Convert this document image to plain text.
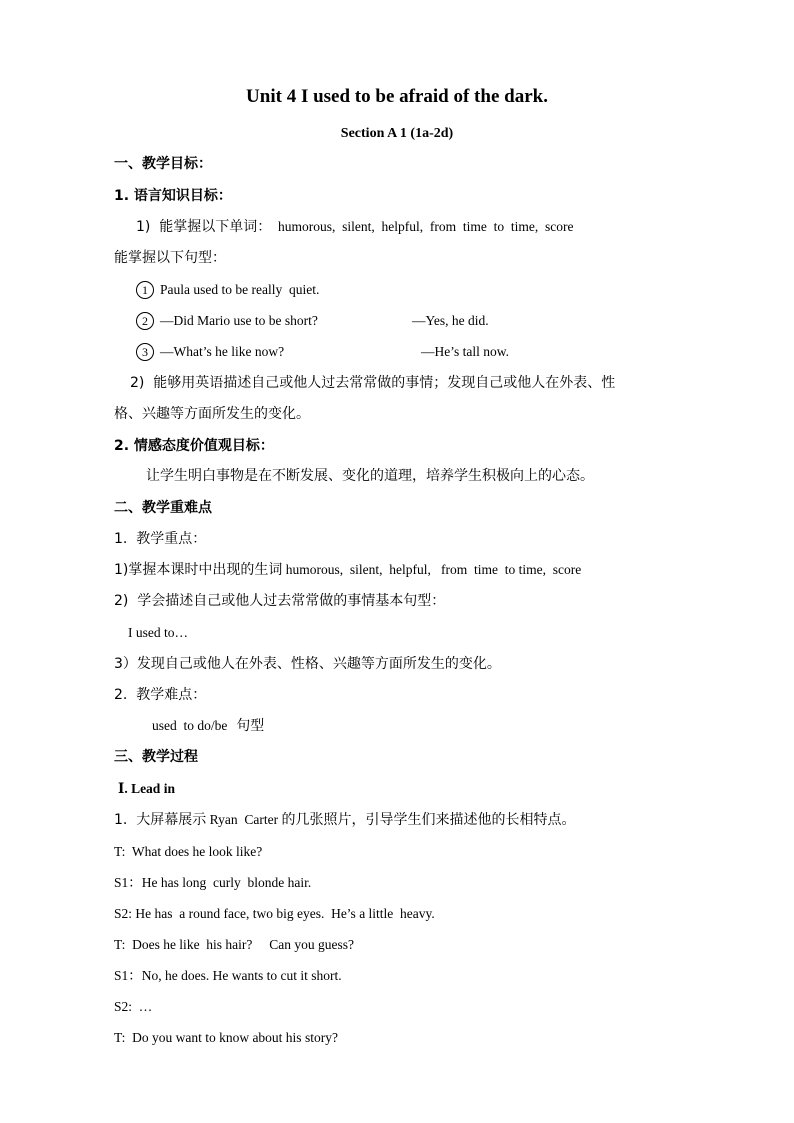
Unit 4 I used to be afraid of the dark.
Section A 1 (1a-2d)
一、教学目标：
1. 语言知识目标：
1)  能掌握以下单词：  humorous,  silent,  helpful,  from  time  to  time,  score
能掌握以下句型：
1 Paula used to be really  quiet.
2 —Did Mario use to be short?	—Yes, he did.
3 —What’s he like now?	—He’s tall now.
2)  能够用英语描述自己或他人过去常常做的事情；发现自己或他人在外表、性
格、兴趣等方面所发生的变化。
2. 情感态度价值观目标：
让学生明白事物是在不断发展、变化的道理，培养学生积极向上的心态。
二、教学重难点
1.  教学重点：
1)掌握本课时中出现的生词 humorous,  silent,  helpful,   from  time  to time,  score
2)  学会描述自己或他人过去常常做的事情基本句型：
I used to…
3）发现自己或他人在外表、性格、兴趣等方面所发生的变化。
2.  教学难点：
used  to do/be  句型
三、教学过程
Ⅰ. Lead in
1.  大屏幕展示 Ryan  Carter 的几张照片，引导学生们来描述他的长相特点。
T:  What does he look like?
S1：He has long  curly  blonde hair.
S2: He has  a round face, two big eyes.  He’s a little  heavy.
T:  Does he like  his hair?     Can you guess?
S1：No, he does. He wants to cut it short.
S2:  …
T:  Do you want to know about his story?
